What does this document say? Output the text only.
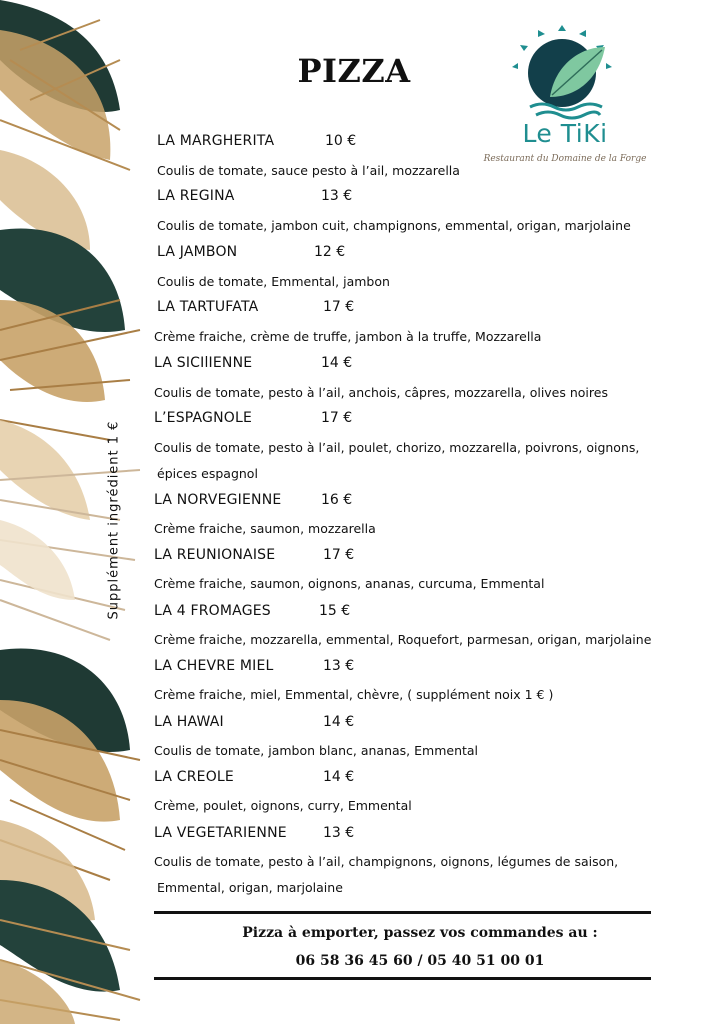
Supplément ingrédient 1 €
PIZZA
Le TiKi
Restaurant du Domaine de la Forge
LA MARGHERITA	10 €
Coulis de tomate, sauce pesto à l’ail, mozzarella
LA REGINA	13 €
Coulis de tomate, jambon cuit, champignons, emmental, origan, marjolaine
LA JAMBON	12 €
Coulis de tomate, Emmental, jambon
LA TARTUFATA	17 €
Crème fraiche, crème de truffe, jambon à la truffe, Mozzarella
LA SICIlIENNE	14 €
Coulis de tomate, pesto à l’ail, anchois, câpres, mozzarella, olives noires
L’ESPAGNOLE	17 €
Coulis de tomate, pesto à l’ail, poulet, chorizo, mozzarella, poivrons, oignons,
épices espagnol
LA NORVEGIENNE	16 €
Crème fraiche, saumon, mozzarella
LA REUNIONAISE	17 €
Crème fraiche, saumon, oignons, ananas, curcuma, Emmental
LA 4 FROMAGES	15 €
Crème fraiche, mozzarella, emmental, Roquefort, parmesan, origan, marjolaine
LA CHEVRE MIEL	13 €
Crème fraiche, miel, Emmental, chèvre, ( supplément noix 1 € )
LA HAWAI	14 €
Coulis de tomate, jambon blanc, ananas, Emmental
LA CREOLE	14 €
Crème, poulet, oignons, curry, Emmental
LA VEGETARIENNE	13 €
Coulis de tomate, pesto à l’ail, champignons, oignons, légumes de saison,
Emmental, origan, marjolaine
Pizza à emporter, passez vos commandes au :
06 58 36 45 60 / 05 40 51 00 01
